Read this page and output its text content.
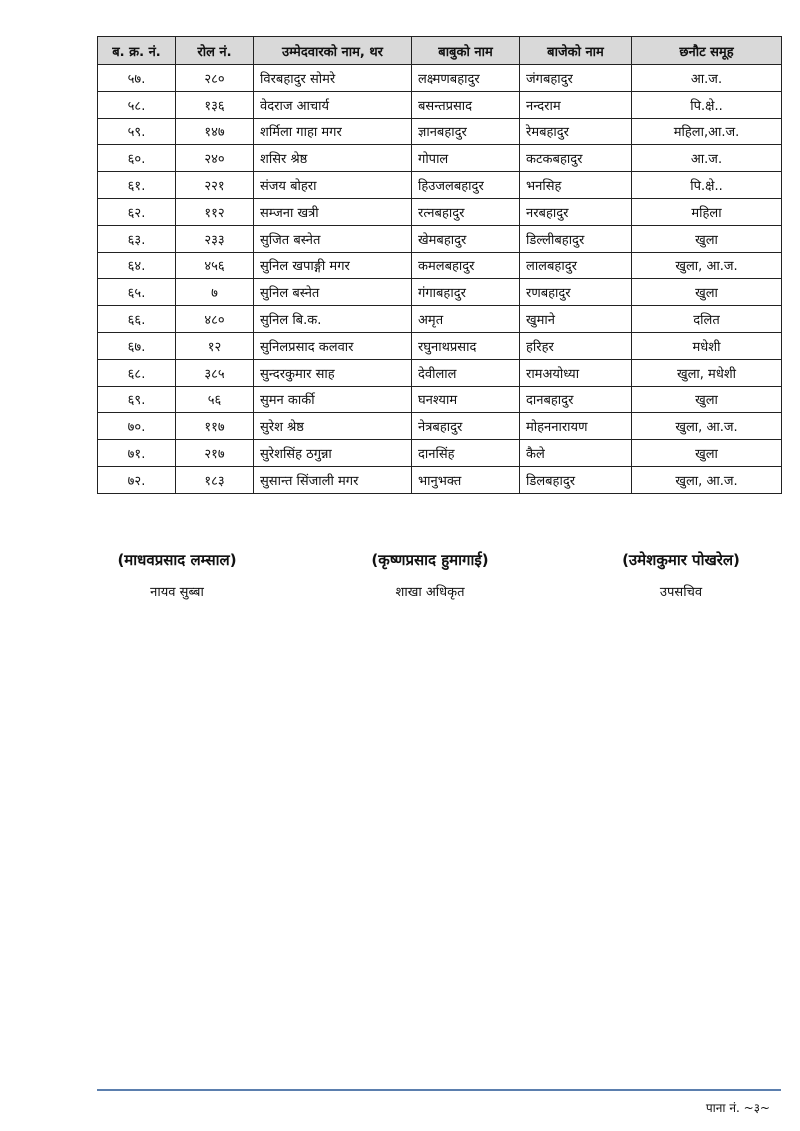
ब. क्र. नं.	रोल नं.	उम्मेदवारको नाम, थर	बाबुको नाम	बाजेको नाम	छनौट समूह
५७.	२८०	विरबहादुर सोमरे	लक्ष्मणबहादुर	जंगबहादुर	आ.ज.
५८.	१३६	वेदराज आचार्य	बसन्तप्रसाद	नन्दराम	पि.क्षे..
५९.	१४७	शर्मिला गाहा मगर	ज्ञानबहादुर	रेमबहादुर	महिला,आ.ज.
६०.	२४०	शसिर श्रेष्ठ	गोपाल	कटकबहादुर	आ.ज.
६१.	२२१	संजय बोहरा	हिउजलबहादुर	भनसिह	पि.क्षे..
६२.	११२	सम्जना खत्री	रत्नबहादुर	नरबहादुर	महिला
६३.	२३३	सुजित बस्नेत	खेमबहादुर	डिल्लीबहादुर	खुला
६४.	४५६	सुनिल खपाङ्गी मगर	कमलबहादुर	लालबहादुर	खुला, आ.ज.
६५.	७	सुनिल बस्नेत	गंगाबहादुर	रणबहादुर	खुला
६६.	४८०	सुनिल बि.क.	अमृत	खुमाने	दलित
६७.	१२	सुनिलप्रसाद कलवार	रघुनाथप्रसाद	हरिहर	मधेशी
६८.	३८५	सुन्दरकुमार साह	देवीलाल	रामअयोध्या	खुला, मधेशी
६९.	५६	सुमन कार्की	घनश्याम	दानबहादुर	खुला
७०.	११७	सुरेश श्रेष्ठ	नेत्रबहादुर	मोहननारायण	खुला, आ.ज.
७१.	२१७	सुरेशसिंह ठगुन्ना	दानसिंह	कैले	खुला
७२.	१८३	सुसान्त सिंजाली मगर	भानुभक्त	डिलबहादुर	खुला, आ.ज.
(माधवप्रसाद लम्साल)
नायव सुब्बा
(कृष्णप्रसाद हुमागाई)
शाखा अधिकृत
(उमेशकुमार पोखरेल)
उपसचिव
पाना नं. ~३~
